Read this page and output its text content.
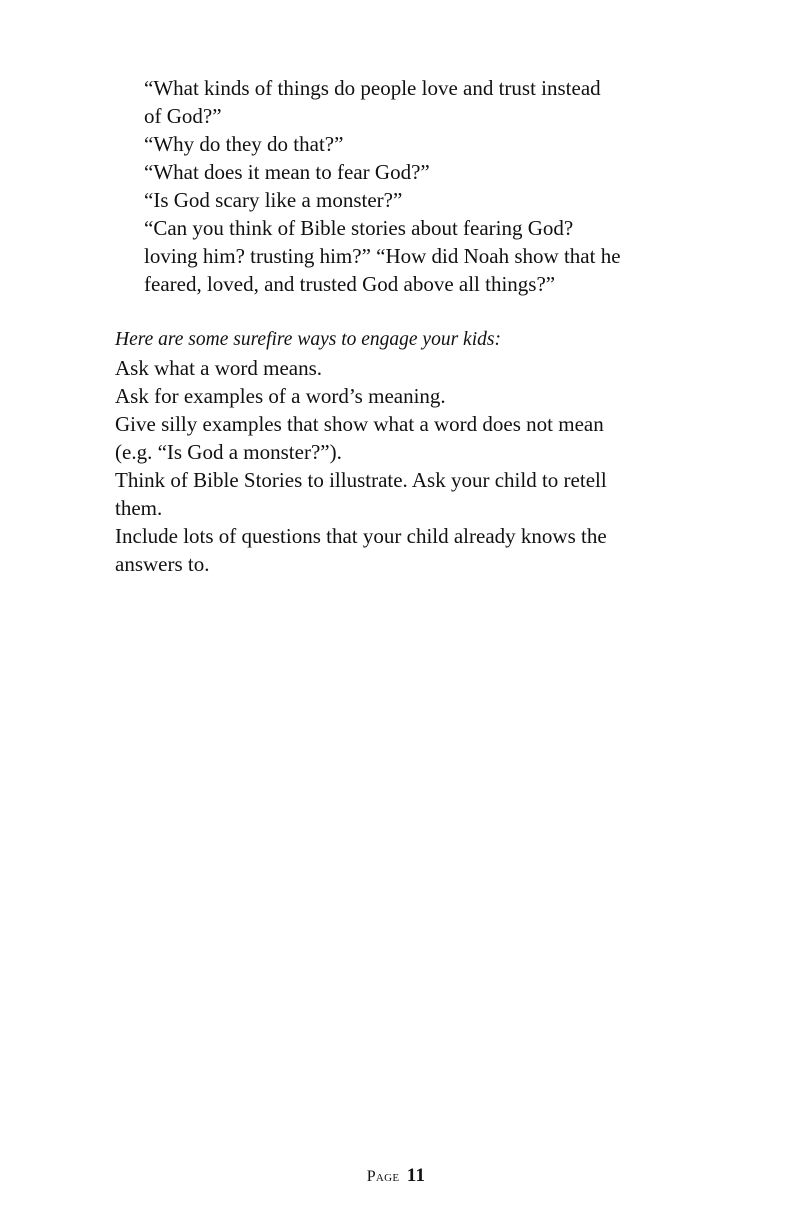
“What kinds of things do people love and trust instead
of God?”
“Why do they do that?”
“What does it mean to fear God?”
“Is God scary like a monster?”
“Can you think of Bible stories about fearing God?
loving him? trusting him?” “How did Noah show that he
feared, loved, and trusted God above all things?”
Here are some surefire ways to engage your kids:
Ask what a word means.
Ask for examples of a word’s meaning.
Give silly examples that show what a word does not mean
(e.g. “Is God a monster?”).
Think of Bible Stories to illustrate. Ask your child to retell
them.
Include lots of questions that your child already knows the
answers to.
Page 11
